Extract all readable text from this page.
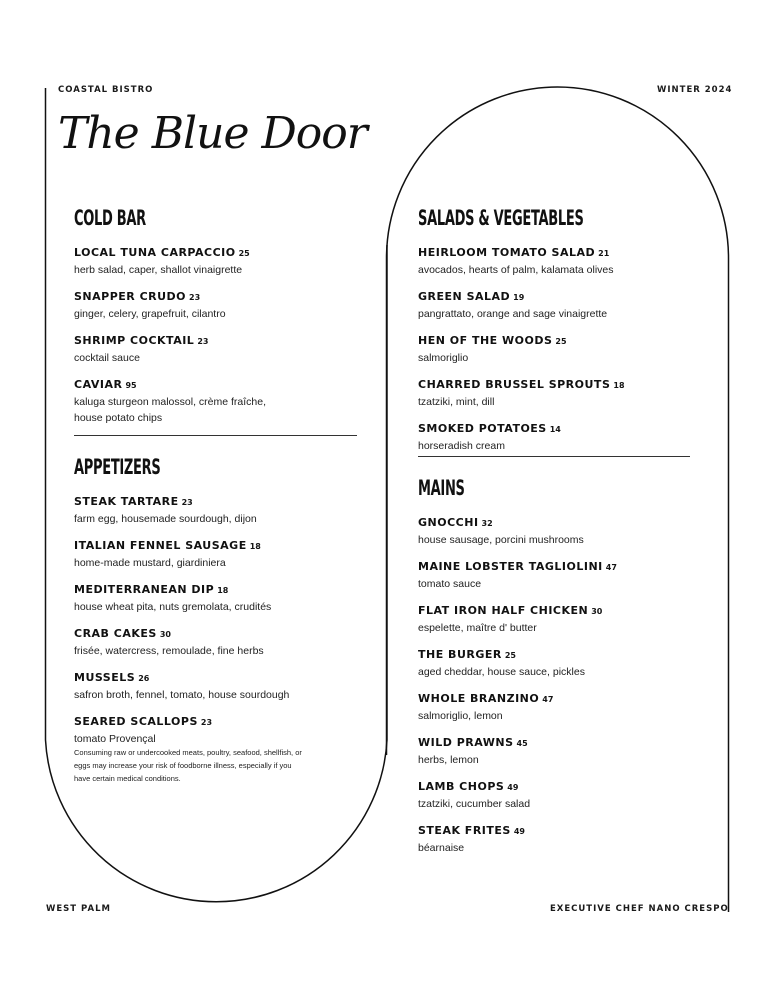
COASTAL BISTRO	WINTER 2024
The Blue Door
COLD BAR
LOCAL TUNA CARPACCIO 25
herb salad, caper, shallot vinaigrette
SNAPPER CRUDO 23
ginger, celery, grapefruit, cilantro
SHRIMP COCKTAIL 23
cocktail sauce
CAVIAR 95
kaluga sturgeon malossol, crème fraîche, house potato chips
APPETIZERS
STEAK TARTARE 23
farm egg, housemade sourdough, dijon
ITALIAN FENNEL SAUSAGE 18
home-made mustard, giardiniera
MEDITERRANEAN DIP 18
house wheat pita, nuts gremolata, crudités
CRAB CAKES 30
frisée, watercress, remoulade, fine herbs
MUSSELS 26
safron broth, fennel, tomato, house sourdough
SEARED SCALLOPS 23
tomato Provençal
Consuming raw or undercooked meats, poultry, seafood, shellfish, or eggs may increase your risk of foodborne illness, especially if you have certain medical conditions.
SALADS & VEGETABLES
HEIRLOOM TOMATO SALAD 21
avocados, hearts of palm, kalamata olives
GREEN SALAD 19
pangrattato, orange and sage vinaigrette
HEN OF THE WOODS 25
salmoriglio
CHARRED BRUSSEL SPROUTS 18
tzatziki, mint, dill
SMOKED POTATOES 14
horseradish cream
MAINS
GNOCCHI 32
house sausage, porcini mushrooms
MAINE LOBSTER TAGLIOLINI 47
tomato sauce
FLAT IRON HALF CHICKEN 30
espelette, maître d' butter
THE BURGER 25
aged cheddar, house sauce, pickles
WHOLE BRANZINO 47
salmoriglio, lemon
WILD PRAWNS 45
herbs, lemon
LAMB CHOPS 49
tzatziki, cucumber salad
STEAK FRITES 49
béarnaise
WEST PALM	EXECUTIVE CHEF NANO CRESPO
